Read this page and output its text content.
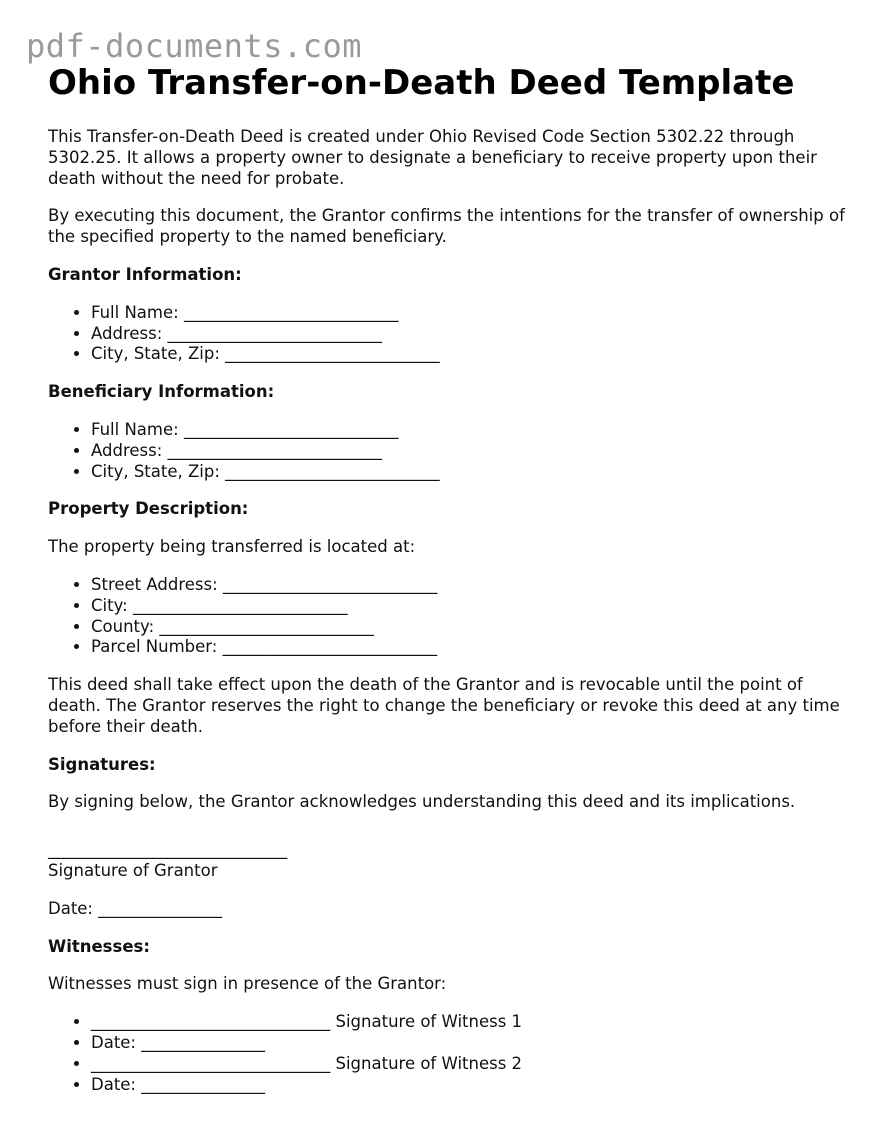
pdf-documents.com
Ohio Transfer-on-Death Deed Template

This Transfer-on-Death Deed is created under Ohio Revised Code Section 5302.22 through 5302.25. It allows a property owner to designate a beneficiary to receive property upon their death without the need for probate.

By executing this document, the Grantor confirms the intentions for the transfer of ownership of the specified property to the named beneficiary.

Grantor Information:
• Full Name: __________________________
• Address: __________________________
• City, State, Zip: __________________________
Beneficiary Information:
• Full Name: __________________________
• Address: __________________________
• City, State, Zip: __________________________
Property Description:

The property being transferred is located at:

• Street Address: __________________________
• City: __________________________
• County: __________________________
• Parcel Number: __________________________

This deed shall take effect upon the death of the Grantor and is revocable until the point of death. The Grantor reserves the right to change the beneficiary or revoke this deed at any time before their death.

Signatures:

By signing below, the Grantor acknowledges understanding this deed and its implications.

_____________________________

Signature of Grantor

Date: _______________

Witnesses:

Witnesses must sign in presence of the Grantor:

• _____________________________ Signature of Witness 1
• Date: _______________
• _____________________________ Signature of Witness 2
• Date: _______________
